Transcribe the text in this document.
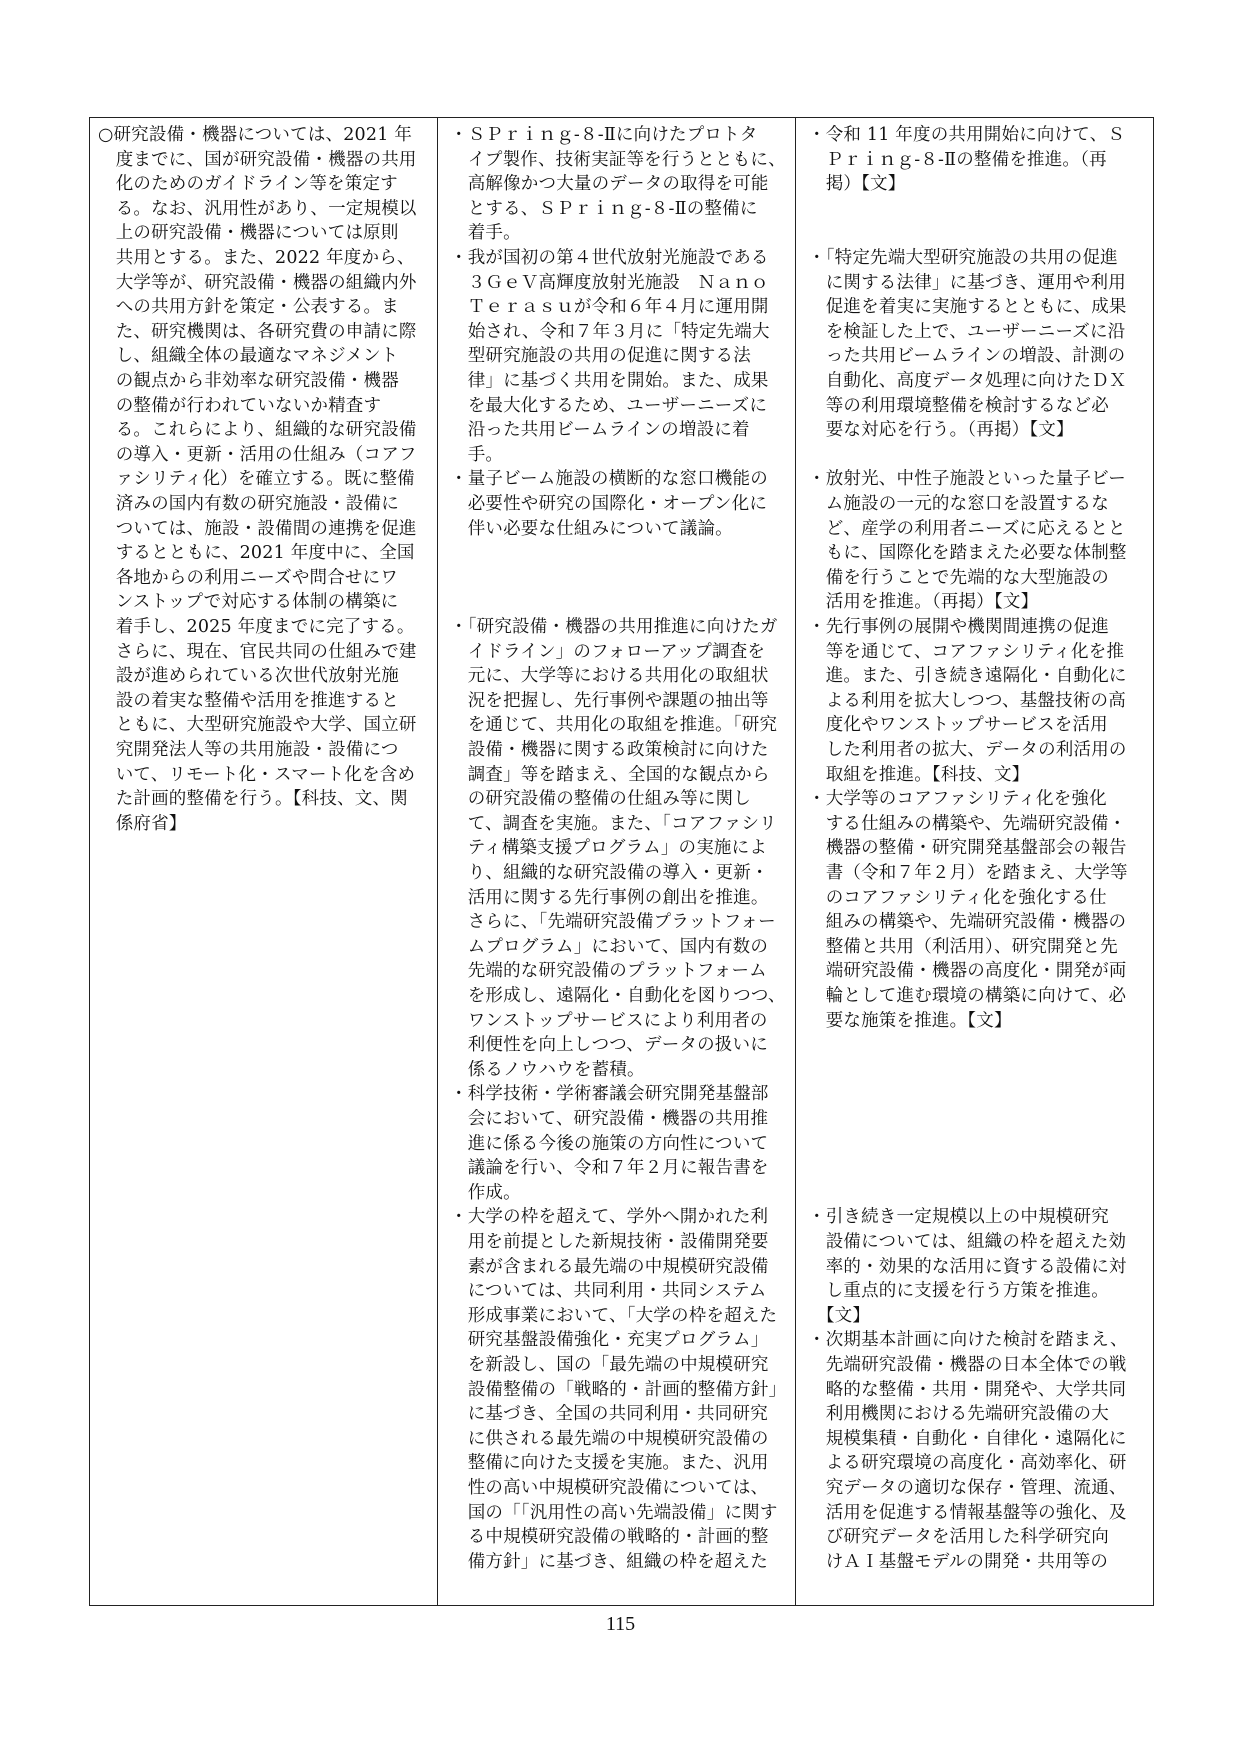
○研究設備・機器については、2021 年
　度までに、国が研究設備・機器の共用
　化のためのガイドライン等を策定す
　る。なお、汎用性があり、一定規模以
　上の研究設備・機器については原則
　共用とする。また、2022 年度から、
　大学等が、研究設備・機器の組織内外
　への共用方針を策定・公表する。ま
　た、研究機関は、各研究費の申請に際
　し、組織全体の最適なマネジメント
　の観点から非効率な研究設備・機器
　の整備が行われていないか精査す
　る。これらにより、組織的な研究設備
　の導入・更新・活用の仕組み（コアフ
　ァシリティ化）を確立する。既に整備
　済みの国内有数の研究施設・設備に
　ついては、施設・設備間の連携を促進
　するとともに、2021 年度中に、全国
　各地からの利用ニーズや問合せにワ
　ンストップで対応する体制の構築に
　着手し、2025 年度までに完了する。
　さらに、現在、官民共同の仕組みで建
　設が進められている次世代放射光施
　設の着実な整備や活用を推進すると
　ともに、大型研究施設や大学、国立研
　究開発法人等の共用施設・設備につ
　いて、リモート化・スマート化を含め
　た計画的整備を行う。【科技、文、関
　係府省】
・ＳＰｒｉｎｇ-８-Ⅱに向けたプロトタ
　イプ製作、技術実証等を行うとともに、
　高解像かつ大量のデータの取得を可能
　とする、ＳＰｒｉｎｇ-８-Ⅱの整備に
　着手。
・我が国初の第４世代放射光施設である
　３ＧｅＶ高輝度放射光施設　Ｎａｎｏ
　Ｔｅｒａｓｕが令和６年４月に運用開
　始され、令和７年３月に「特定先端大
　型研究施設の共用の促進に関する法
　律」に基づく共用を開始。また、成果
　を最大化するため、ユーザーニーズに
　沿った共用ビームラインの増設に着
　手。
・量子ビーム施設の横断的な窓口機能の
　必要性や研究の国際化・オープン化に
　伴い必要な仕組みについて議論。
・「研究設備・機器の共用推進に向けたガ
　イドライン」のフォローアップ調査を
　元に、大学等における共用化の取組状
　況を把握し、先行事例や課題の抽出等
　を通じて、共用化の取組を推進。「研究
　設備・機器に関する政策検討に向けた
　調査」等を踏まえ、全国的な観点から
　の研究設備の整備の仕組み等に関し
　て、調査を実施。また、「コアファシリ
　ティ構築支援プログラム」の実施によ
　り、組織的な研究設備の導入・更新・
　活用に関する先行事例の創出を推進。
　さらに、「先端研究設備プラットフォー
　ムプログラム」において、国内有数の
　先端的な研究設備のプラットフォーム
　を形成し、遠隔化・自動化を図りつつ、
　ワンストップサービスにより利用者の
　利便性を向上しつつ、データの扱いに
　係るノウハウを蓄積。
・科学技術・学術審議会研究開発基盤部
　会において、研究設備・機器の共用推
　進に係る今後の施策の方向性について
　議論を行い、令和７年２月に報告書を
　作成。
・大学の枠を超えて、学外へ開かれた利
　用を前提とした新規技術・設備開発要
　素が含まれる最先端の中規模研究設備
　については、共同利用・共同システム
　形成事業において、「大学の枠を超えた
　研究基盤設備強化・充実プログラム」
　を新設し、国の「最先端の中規模研究
　設備整備の「戦略的・計画的整備方針」
　に基づき、全国の共同利用・共同研究
　に供される最先端の中規模研究設備の
　整備に向けた支援を実施。また、汎用
　性の高い中規模研究設備については、
　国の「「汎用性の高い先端設備」に関す
　る中規模研究設備の戦略的・計画的整
　備方針」に基づき、組織の枠を超えた
・令和 11 年度の共用開始に向けて、Ｓ
　Ｐｒｉｎｇ-８-Ⅱの整備を推進。（再
　掲）【文】
・「特定先端大型研究施設の共用の促進
　に関する法律」に基づき、運用や利用
　促進を着実に実施するとともに、成果
　を検証した上で、ユーザーニーズに沿
　った共用ビームラインの増設、計測の
　自動化、高度データ処理に向けたＤＸ
　等の利用環境整備を検討するなど必
　要な対応を行う。（再掲）【文】
・放射光、中性子施設といった量子ビー
　ム施設の一元的な窓口を設置するな
　ど、産学の利用者ニーズに応えるとと
　もに、国際化を踏まえた必要な体制整
　備を行うことで先端的な大型施設の
　活用を推進。（再掲）【文】
・先行事例の展開や機関間連携の促進
　等を通じて、コアファシリティ化を推
　進。また、引き続き遠隔化・自動化に
　よる利用を拡大しつつ、基盤技術の高
　度化やワンストップサービスを活用
　した利用者の拡大、データの利活用の
　取組を推進。【科技、文】
・大学等のコアファシリティ化を強化
　する仕組みの構築や、先端研究設備・
　機器の整備・研究開発基盤部会の報告
　書（令和７年２月）を踏まえ、大学等
　のコアファシリティ化を強化する仕
　組みの構築や、先端研究設備・機器の
　整備と共用（利活用）、研究開発と先
　端研究設備・機器の高度化・開発が両
　輪として進む環境の構築に向けて、必
　要な施策を推進。【文】
・引き続き一定規模以上の中規模研究
　設備については、組織の枠を超えた効
　率的・効果的な活用に資する設備に対
　し重点的に支援を行う方策を推進。
　【文】
・次期基本計画に向けた検討を踏まえ、
　先端研究設備・機器の日本全体での戦
　略的な整備・共用・開発や、大学共同
　利用機関における先端研究設備の大
　規模集積・自動化・自律化・遠隔化に
　よる研究環境の高度化・高効率化、研
　究データの適切な保存・管理、流通、
　活用を促進する情報基盤等の強化、及
　び研究データを活用した科学研究向
　けＡＩ基盤モデルの開発・共用等の
115
